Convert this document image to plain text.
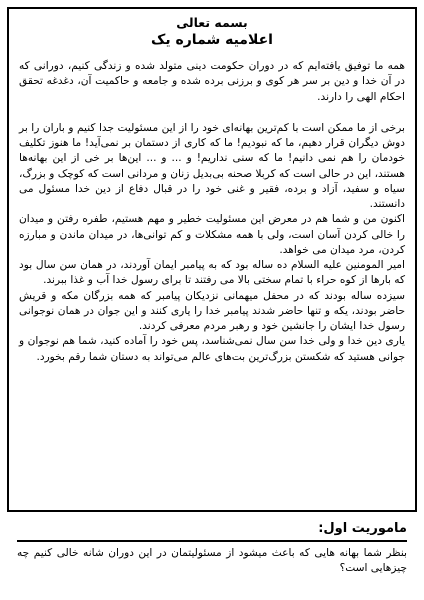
بسمه تعالی
اعلامیه شماره یک

همه ما توفیق یافته‌ایم که در دوران حکومت دینی متولد شده و زندگی کنیم، دورانی که در آن خدا و دین بر سر هر کوی و برزنی برده شده و جامعه و حاکمیت آن، دغدغه تحقق احکام الهی را دارند.

برخی از ما ممکن است با کم‌ترین بهانه‌ای خود را از این مسئولیت جدا کنیم و باران را بر دوش دیگران قرار دهیم، ما که نبودیم! ما که کاری از دستمان بر نمی‌آید! ما هنوز تکلیف خودمان را هم نمی دانیم! ما که سنی نداریم! و ... و ... این‌ها بر خی از این بهانه‌ها هستند، این در حالی است که کربلا صحنه بی‌بدیل زنان و مردانی است که کوچک و بزرگ، سیاه و سفید، آزاد و برده، فقیر و غنی خود را در قبال دفاع از دین خدا مسئول می دانستند.

اکنون من و شما هم در معرض این مسئولیت خطیر و مهم هستیم، طفره رفتن و میدان را خالی کردن آسان است، ولی با همه مشکلات و کم توانی‌ها، در میدان ماندن و مبارزه کردن، مرد میدان می خواهد.

امیر المومنین علیه السلام ده ساله بود که به پیامبر ایمان آوردند، در همان سن سال بود که بارها از کوه حراء با تمام سختی بالا می رفتند تا برای رسول خدا آب و غذا ببرند.

سیزده ساله بودند که در محفل میهمانی نزدیکان پیامبر که همه بزرگان مکه و قریش حاضر بودند، یکه و تنها حاضر شدند پیامبر خدا را یاری کنند و این جوان در همان نوجوانی رسول خدا ایشان را جانشین خود و رهبر مردم معرفی کردند.

یاری دین خدا و ولی خدا سن سال نمی‌شناسد، پس خود را آماده کنید، شما هم نوجوان و جوانی هستید که شکستن بزرگ‌ترین بت‌های عالم می‌تواند به دستان شما رقم بخورد.

ماموریت اول:
بنظر شما بهانه هایی که باعث میشود از مسئولیتمان در این دوران شانه خالی کنیم چه چیزهایی است؟
